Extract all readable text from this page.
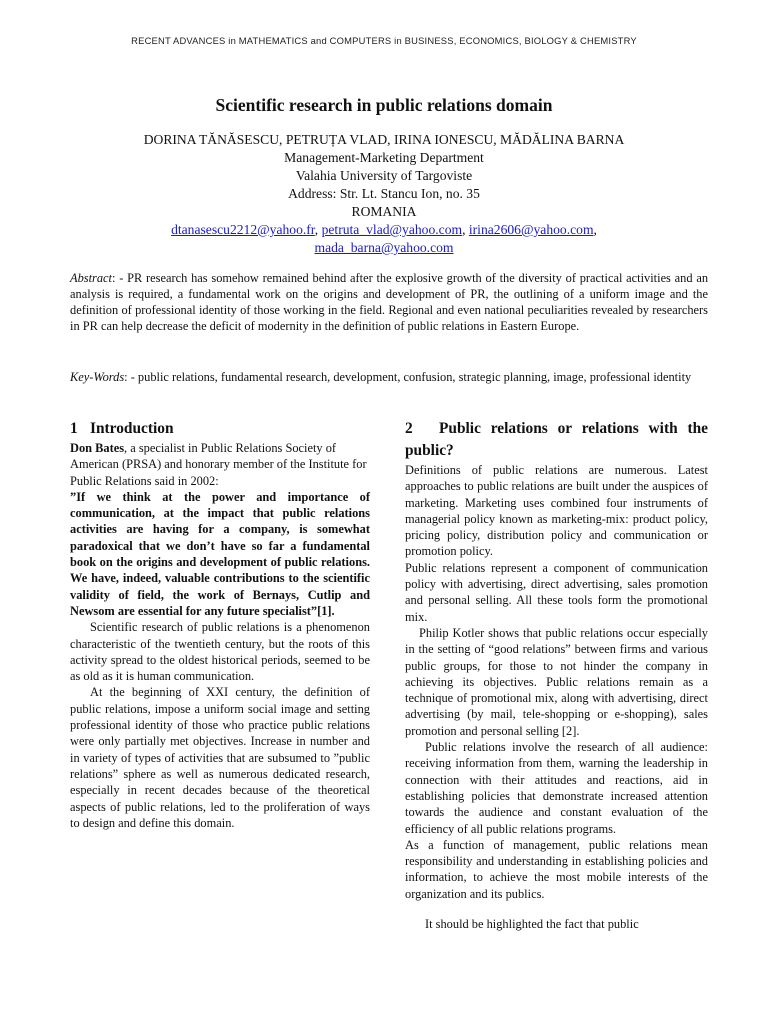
RECENT ADVANCES in MATHEMATICS and COMPUTERS in BUSINESS, ECONOMICS, BIOLOGY & CHEMISTRY
Scientific research in public relations domain
DORINA TĂNĂSESCU, PETRUȚA VLAD, IRINA IONESCU, MĂDĂLINA BARNA
Management-Marketing Department
Valahia University of Targoviste
Address: Str. Lt. Stancu Ion, no. 35
ROMANIA
dtanasescu2212@yahoo.fr, petruta_vlad@yahoo.com, irina2606@yahoo.com,
mada_barna@yahoo.com

Abstract: - PR research has somehow remained behind after the explosive growth of the diversity of practical activities and an analysis is required, a fundamental work on the origins and development of PR, the outlining of a uniform image and the definition of professional identity of those working in the field. Regional and even national peculiarities revealed by researchers in PR can help decrease the deficit of modernity in the definition of public relations in Eastern Europe.

Key-Words: - public relations, fundamental research, development, confusion, strategic planning, image, professional identity

1 Introduction

Don Bates, a specialist in Public Relations Society of American (PRSA) and honorary member of the Institute for Public Relations said in 2002:

”If we think at the power and importance of communication, at the impact that public relations activities are having for a company, is somewhat paradoxical that we don’t have so far a fundamental book on the origins and development of public relations. We have, indeed, valuable contributions to the scientific validity of field, the work of Bernays, Cutlip and Newsom are essential for any future specialist”[1].

Scientific research of public relations is a phenomenon characteristic of the twentieth century, but the roots of this activity spread to the oldest historical periods, seemed to be as old as it is human communication.

At the beginning of XXI century, the definition of public relations, impose a uniform social image and setting professional identity of those who practice public relations were only partially met objectives. Increase in number and in variety of types of activities that are subsumed to ”public relations” sphere as well as numerous dedicated research, especially in recent decades because of the theoretical aspects of public relations, led to the proliferation of ways to design and define this domain.

2 Public relations or relations with the public?

Definitions of public relations are numerous. Latest approaches to public relations are built under the auspices of marketing. Marketing uses combined four instruments of managerial policy known as marketing-mix: product policy, pricing policy, distribution policy and communication or promotion policy.

Public relations represent a component of communication policy with advertising, direct advertising, sales promotion and personal selling. All these tools form the promotional mix.

Philip Kotler shows that public relations occur especially in the setting of “good relations” between firms and various public groups, for those to not hinder the company in achieving its objectives. Public relations remain as a technique of promotional mix, along with advertising, direct advertising (by mail, tele-shopping or e-shopping), sales promotion and personal selling [2].

Public relations involve the research of all audience: receiving information from them, warning the leadership in connection with their attitudes and reactions, aid in establishing policies that demonstrate increased attention towards the audience and constant evaluation of the efficiency of all public relations programs.

As a function of management, public relations mean responsibility and understanding in establishing policies and information, to achieve the most mobile interests of the organization and its publics.

It should be highlighted the fact that public
